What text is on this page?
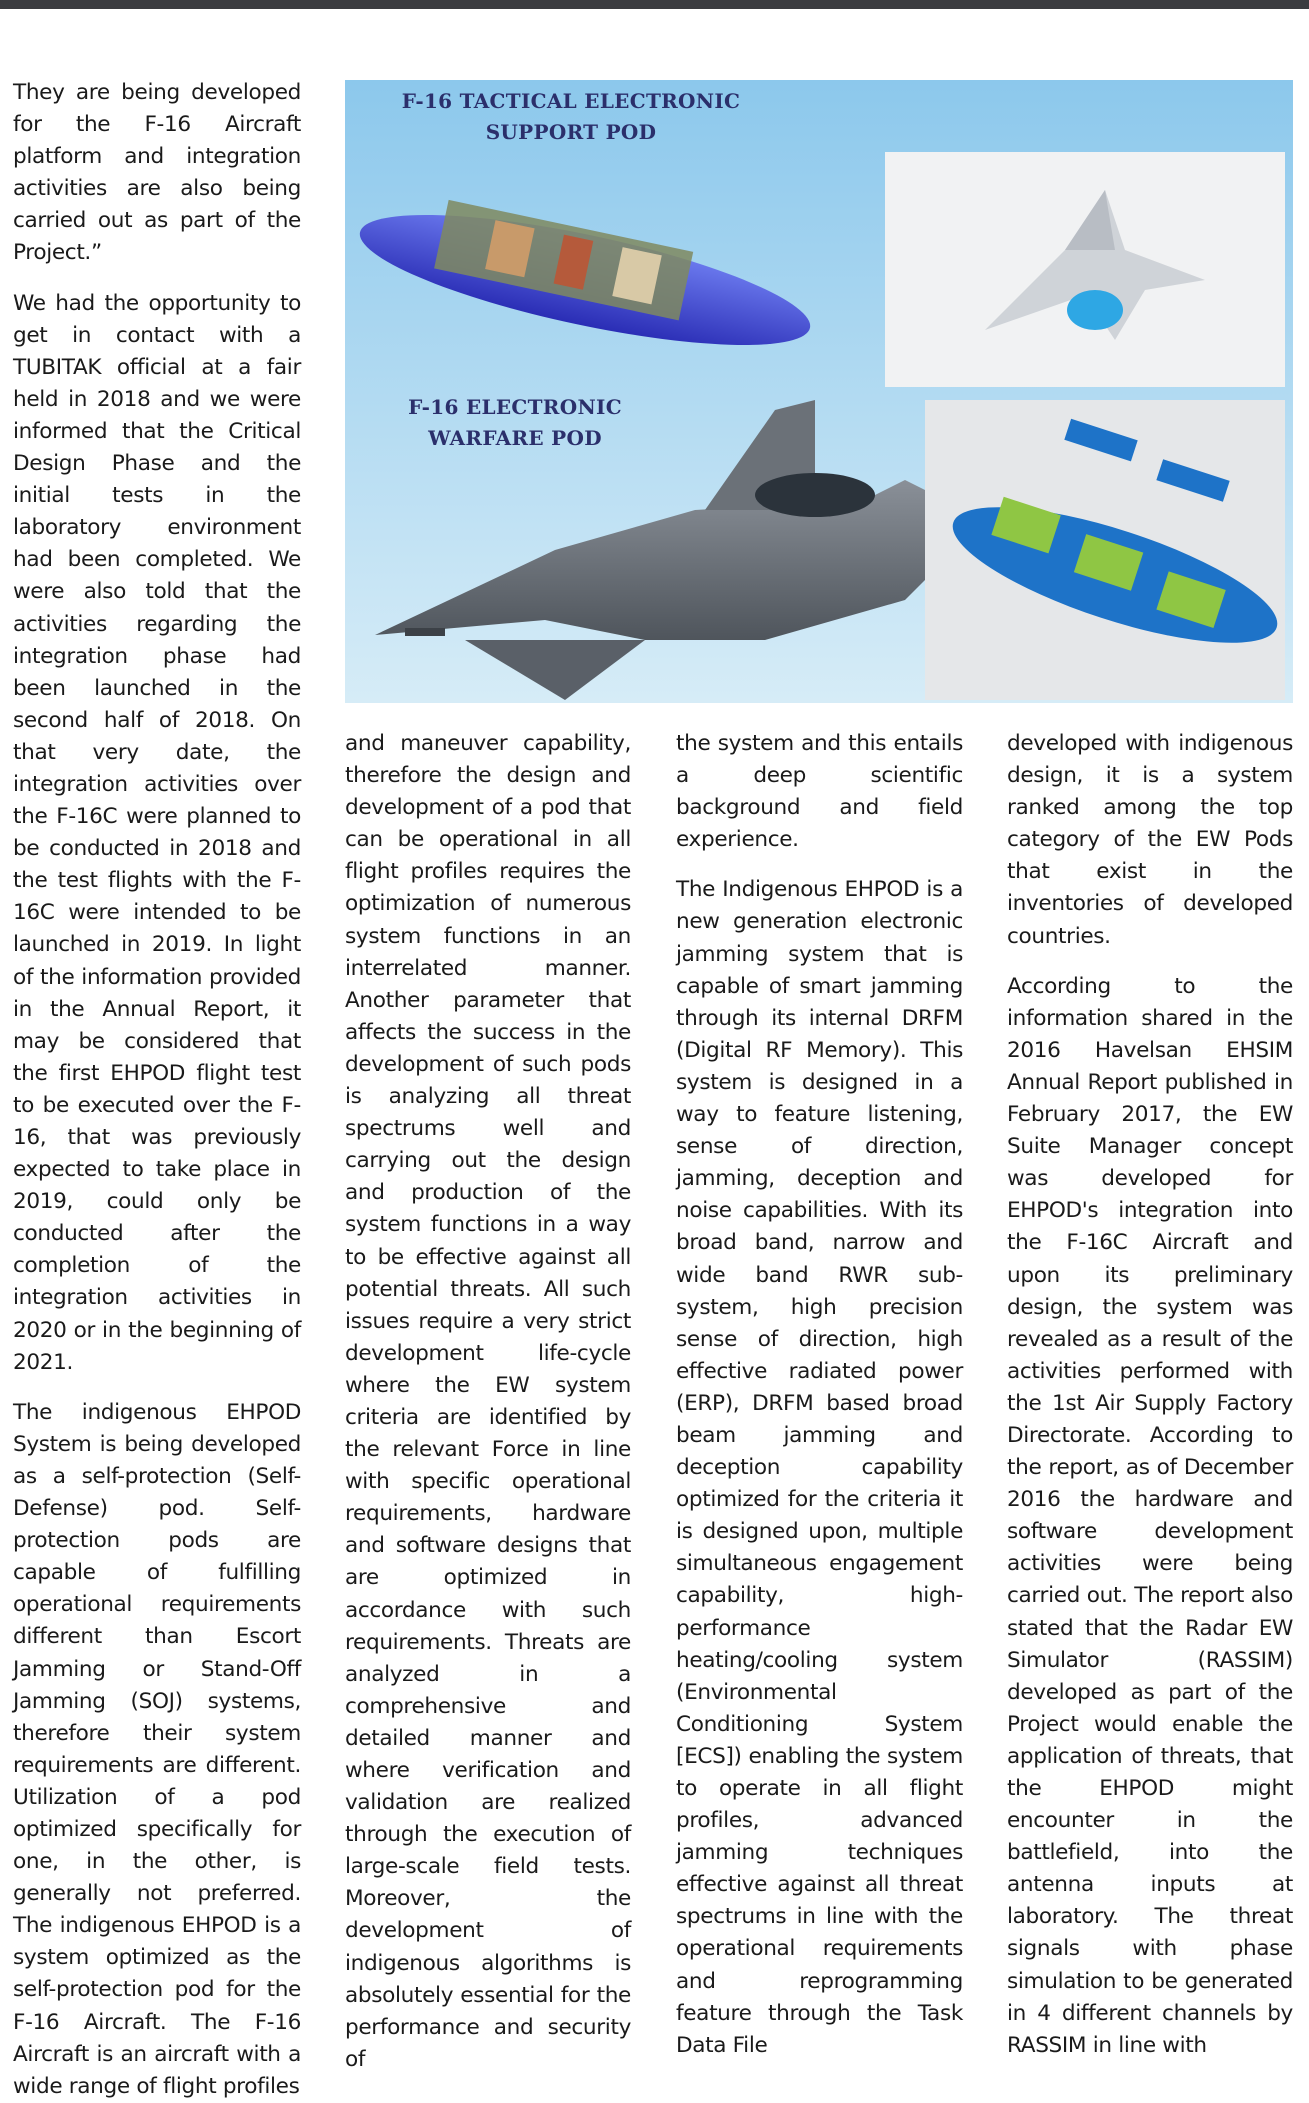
They are being developed for the F-16 Aircraft platform and integration activities are also being carried out as part of the Project.”

We had the opportunity to get in contact with a TUBITAK official at a fair held in 2018 and we were informed that the Critical Design Phase and the initial tests in the laboratory environment had been completed. We were also told that the activities regarding the integration phase had been launched in the second half of 2018. On that very date, the integration activities over the F-16C were planned to be conducted in 2018 and the test flights with the F-16C were intended to be launched in 2019. In light of the information provided in the Annual Report, it may be considered that the first EHPOD flight test to be executed over the F-16, that was previously expected to take place in 2019, could only be conducted after the completion of the integration activities in 2020 or in the beginning of 2021.

The indigenous EHPOD System is being developed as a self-protection (Self-Defense) pod. Self-protection pods are capable of fulfilling operational requirements different than Escort Jamming or Stand-Off Jamming (SOJ) systems, therefore their system requirements are different. Utilization of a pod optimized specifically for one, in the other, is generally not preferred. The indigenous EHPOD is a system optimized as the self-protection pod for the F-16 Aircraft. The F-16 Aircraft is an aircraft with a wide range of flight profiles

F-16 TACTICAL ELECTRONIC
SUPPORT POD
F-16 ELECTRONIC
WARFARE POD

and maneuver capability, therefore the design and development of a pod that can be operational in all flight profiles requires the optimization of numerous system functions in an interrelated manner. Another parameter that affects the success in the development of such pods is analyzing all threat spectrums well and carrying out the design and production of the system functions in a way to be effective against all potential threats. All such issues require a very strict development life-cycle where the EW system criteria are identified by the relevant Force in line with specific operational requirements, hardware and software designs that are optimized in accordance with such requirements. Threats are analyzed in a comprehensive and detailed manner and where verification and validation are realized through the execution of large-scale field tests. Moreover, the development of indigenous algorithms is absolutely essential for the performance and security of

the system and this entails a deep scientific background and field experience.

The Indigenous EHPOD is a new generation electronic jamming system that is capable of smart jamming through its internal DRFM (Digital RF Memory). This system is designed in a way to feature listening, sense of direction, jamming, deception and noise capabilities. With its broad band, narrow and wide band RWR sub-system, high precision sense of direction, high effective radiated power (ERP), DRFM based broad beam jamming and deception capability optimized for the criteria it is designed upon, multiple simultaneous engagement capability, high-performance heating/cooling system (Environmental Conditioning System [ECS]) enabling the system to operate in all flight profiles, advanced jamming techniques effective against all threat spectrums in line with the operational requirements and reprogramming feature through the Task Data File

developed with indigenous design, it is a system ranked among the top category of the EW Pods that exist in the inventories of developed countries.

According to the information shared in the 2016 Havelsan EHSIM Annual Report published in February 2017, the EW Suite Manager concept was developed for EHPOD's integration into the F-16C Aircraft and upon its preliminary design, the system was revealed as a result of the activities performed with the 1st Air Supply Factory Directorate. According to the report, as of December 2016 the hardware and software development activities were being carried out. The report also stated that the Radar EW Simulator (RASSIM) developed as part of the Project would enable the application of threats, that the EHPOD might encounter in the battlefield, into the antenna inputs at laboratory. The threat signals with phase simulation to be generated in 4 different channels by RASSIM in line with
